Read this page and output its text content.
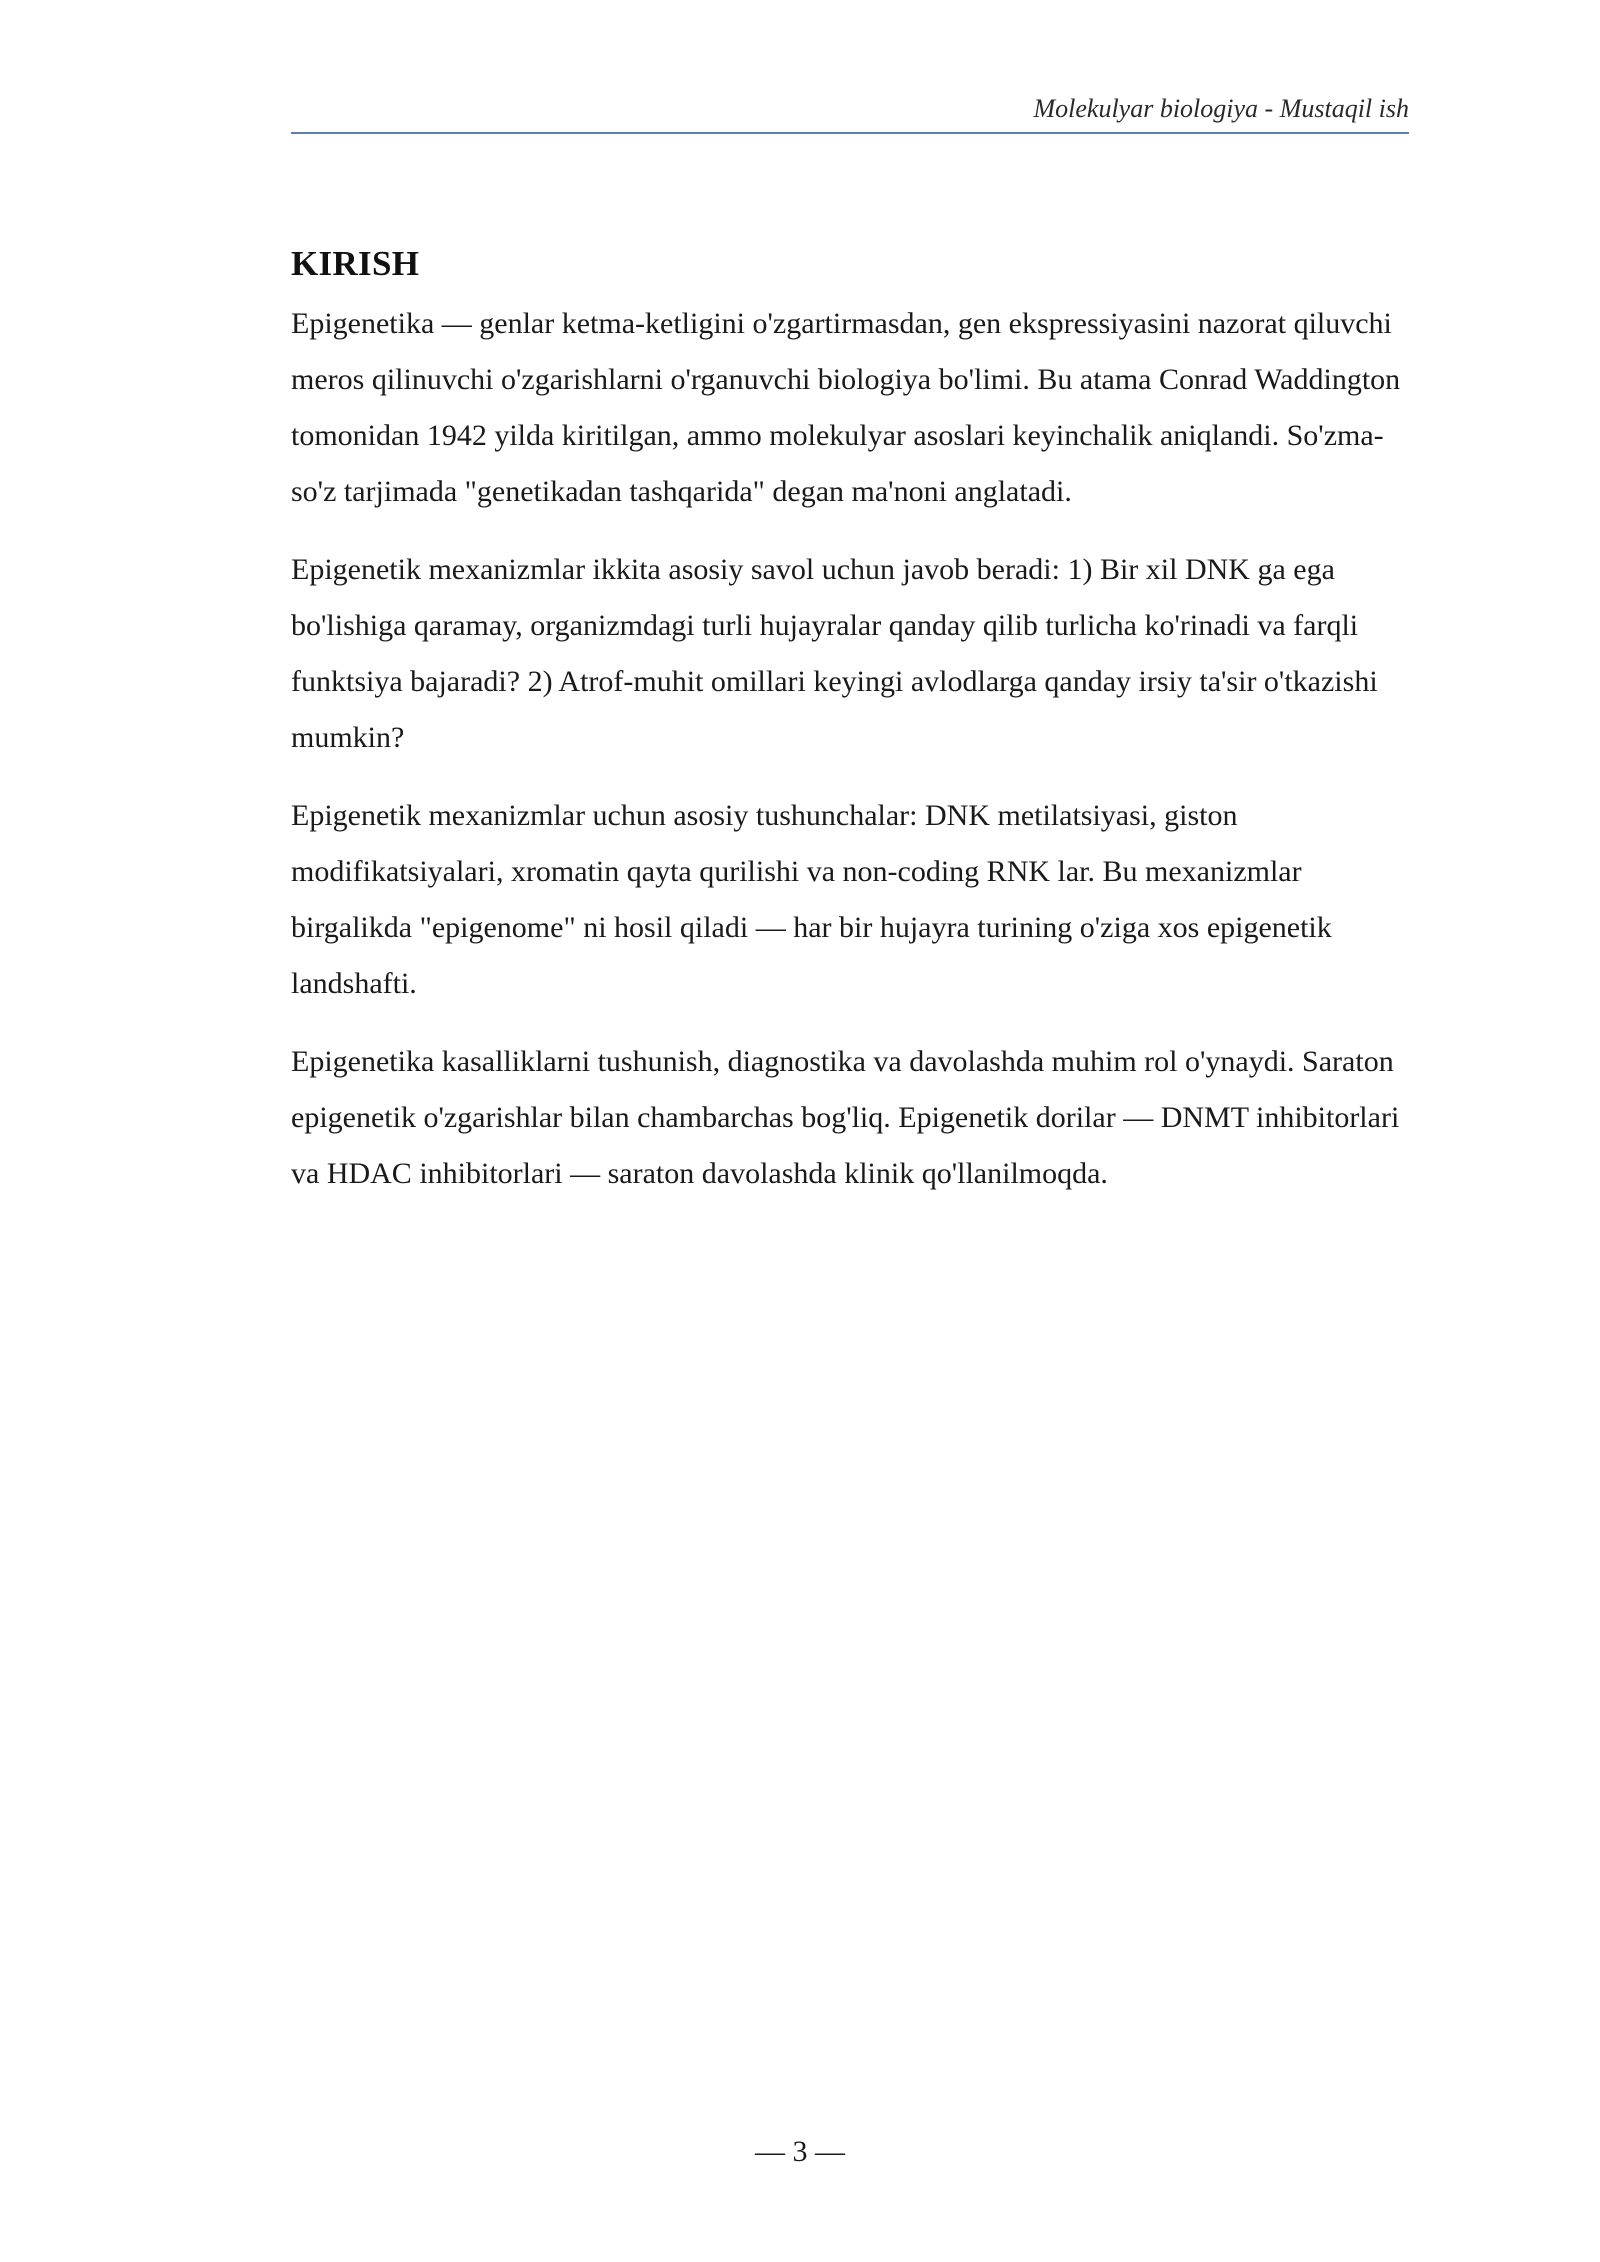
Molekulyar biologiya - Mustaqil ish
KIRISH

Epigenetika — genlar ketma-ketligini o'zgartirmasdan, gen ekspressiyasini nazorat qiluvchi meros qilinuvchi o'zgarishlarni o'rganuvchi biologiya bo'limi. Bu atama Conrad Waddington tomonidan 1942 yilda kiritilgan, ammo molekulyar asoslari keyinchalik aniqlandi. So'zma-so'z tarjimada "genetikadan tashqarida" degan ma'noni anglatadi.

Epigenetik mexanizmlar ikkita asosiy savol uchun javob beradi: 1) Bir xil DNK ga ega bo'lishiga qaramay, organizmdagi turli hujayralar qanday qilib turlicha ko'rinadi va farqli funktsiya bajaradi? 2) Atrof-muhit omillari keyingi avlodlarga qanday irsiy ta'sir o'tkazishi mumkin?

Epigenetik mexanizmlar uchun asosiy tushunchalar: DNK metilatsiyasi, giston modifikatsiyalari, xromatin qayta qurilishi va non-coding RNK lar. Bu mexanizmlar birgalikda "epigenome" ni hosil qiladi — har bir hujayra turining o'ziga xos epigenetik landshafti.

Epigenetika kasalliklarni tushunish, diagnostika va davolashda muhim rol o'ynaydi. Saraton epigenetik o'zgarishlar bilan chambarchas bog'liq. Epigenetik dorilar — DNMT inhibitorlari va HDAC inhibitorlari — saraton davolashda klinik qo'llanilmoqda.

— 3 —
